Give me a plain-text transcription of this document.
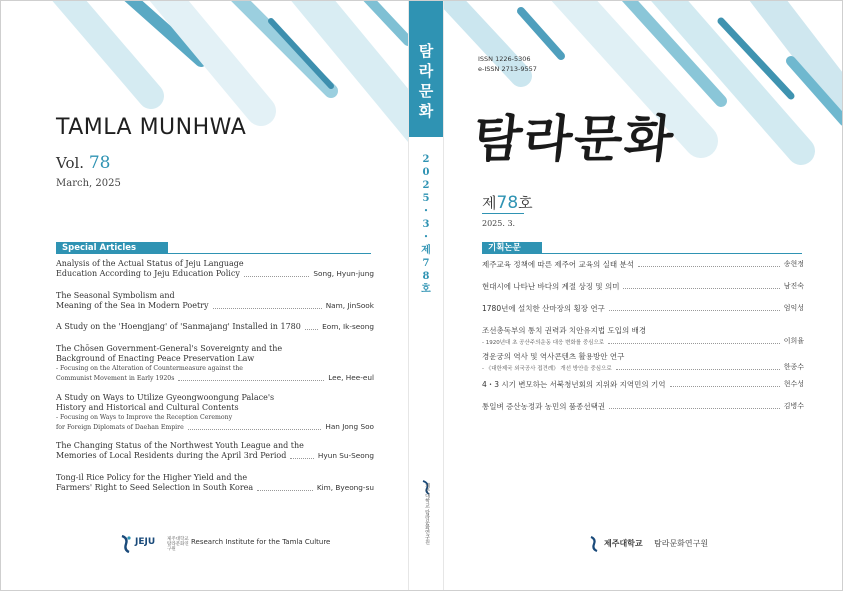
TAMLA MUNHWA
Vol. 78
March, 2025
Special Articles
Analysis of the Actual Status of Jeju Language
Education According to Jeju Education Policy	Song, Hyun-jung
The Seasonal Symbolism and
Meaning of the Sea in Modern Poetry	Nam, JinSook
A Study on the 'Hoengjang' of 'Sanmajang' Installed in 1780	Eom, Ik-seong
The Chōsen Government-General's Sovereignty and the
Background of Enacting Peace Preservation Law
- Focusing on the Alteration of Countermeasure against the
Communist Movement in Early 1920s	Lee, Hee-eul
A Study on Ways to Utilize Gyeongwoongung Palace's
History and Historical and Cultural Contents
- Focusing on Ways to Improve the Reception Ceremony
for Foreign Diplomats of Daehan Empire	Han Jong Soo
The Changing Status of the Northwest Youth League and the
Memories of Local Residents during the April 3rd Period	Hyun Su-Seong
Tong-il Rice Policy for the Higher Yield and the
Farmers' Right to Seed Selection in South Korea	Kim, Byeong-su
JEJU	제주대학교 탐라문화연구원
Research Institute for the Tamla Culture
탐
라
문
화
2
0
2
5
・
3
・
제
7
8
호
제주대학교 탐라문화연구원
ISSN 1226-5306
e-ISSN 2713-9557
탐라문화
제78호
2025. 3.
기획논문
제주교육 정책에 따른 제주어 교육의 실태 분석	송현정
현대시에 나타난 바다의 계절 상징 및 의미	남진숙
1780년에 설치한 산마장의 횡장 연구	엄익성
조선총독부의 통치 권력과 치안유지법 도입의 배경
- 1920년대 초 공산주의운동 대응 변화를 중심으로	이희율
경운궁의 역사 및 역사콘텐츠 활용방안 연구
- 《대한제국 외국공사 접견례》 개선 방안을 중심으로	한종수
4・3 시기 변모하는 서북청년회의 지위와 지역민의 기억	현수성
통일벼 증산농정과 농민의 품종선택권	김병수
제주대학교 탐라문화연구원
